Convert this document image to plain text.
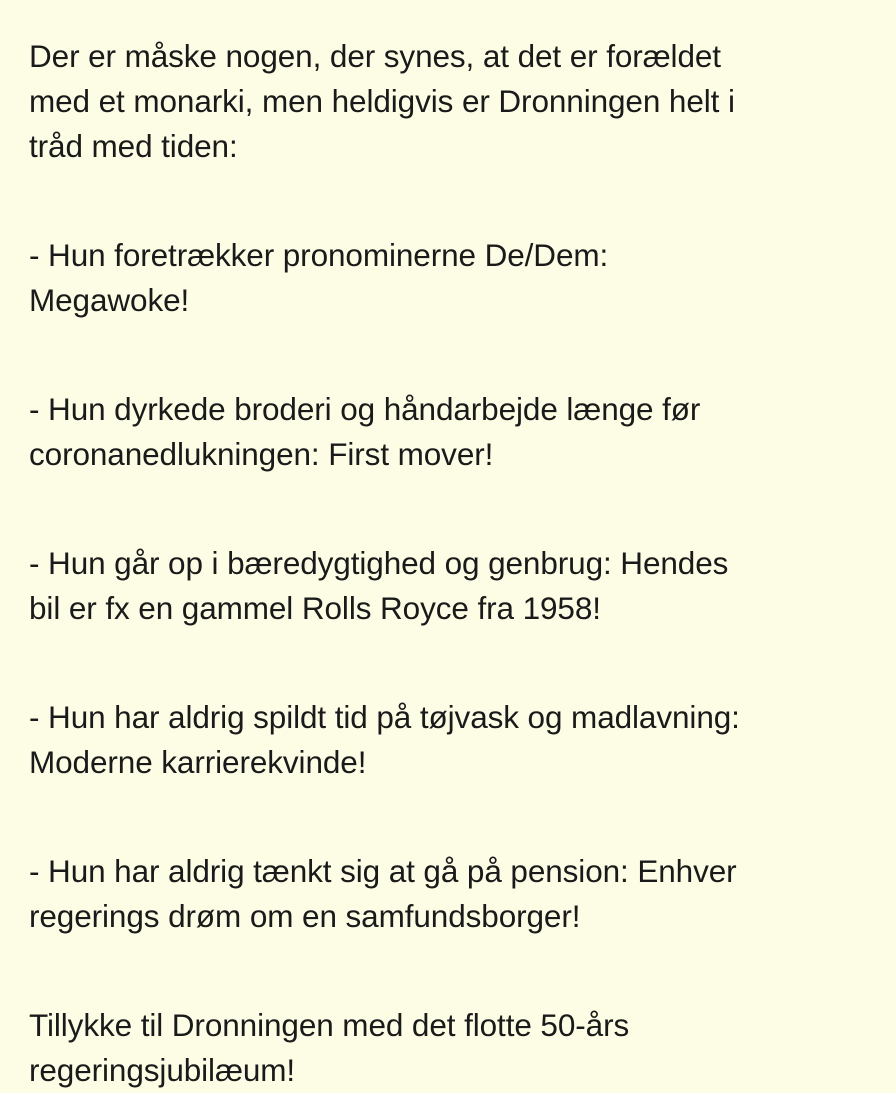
Der er måske nogen, der synes, at det er forældet
med et monarki, men heldigvis er Dronningen helt i
tråd med tiden:

- Hun foretrækker pronominerne De/Dem:
Megawoke!

- Hun dyrkede broderi og håndarbejde længe før
coronanedlukningen: First mover!

- Hun går op i bæredygtighed og genbrug: Hendes
bil er fx en gammel Rolls Royce fra 1958!

- Hun har aldrig spildt tid på tøjvask og madlavning:
Moderne karrierekvinde!

- Hun har aldrig tænkt sig at gå på pension: Enhver
regerings drøm om en samfundsborger!

Tillykke til Dronningen med det flotte 50-års
regeringsjubilæum!
